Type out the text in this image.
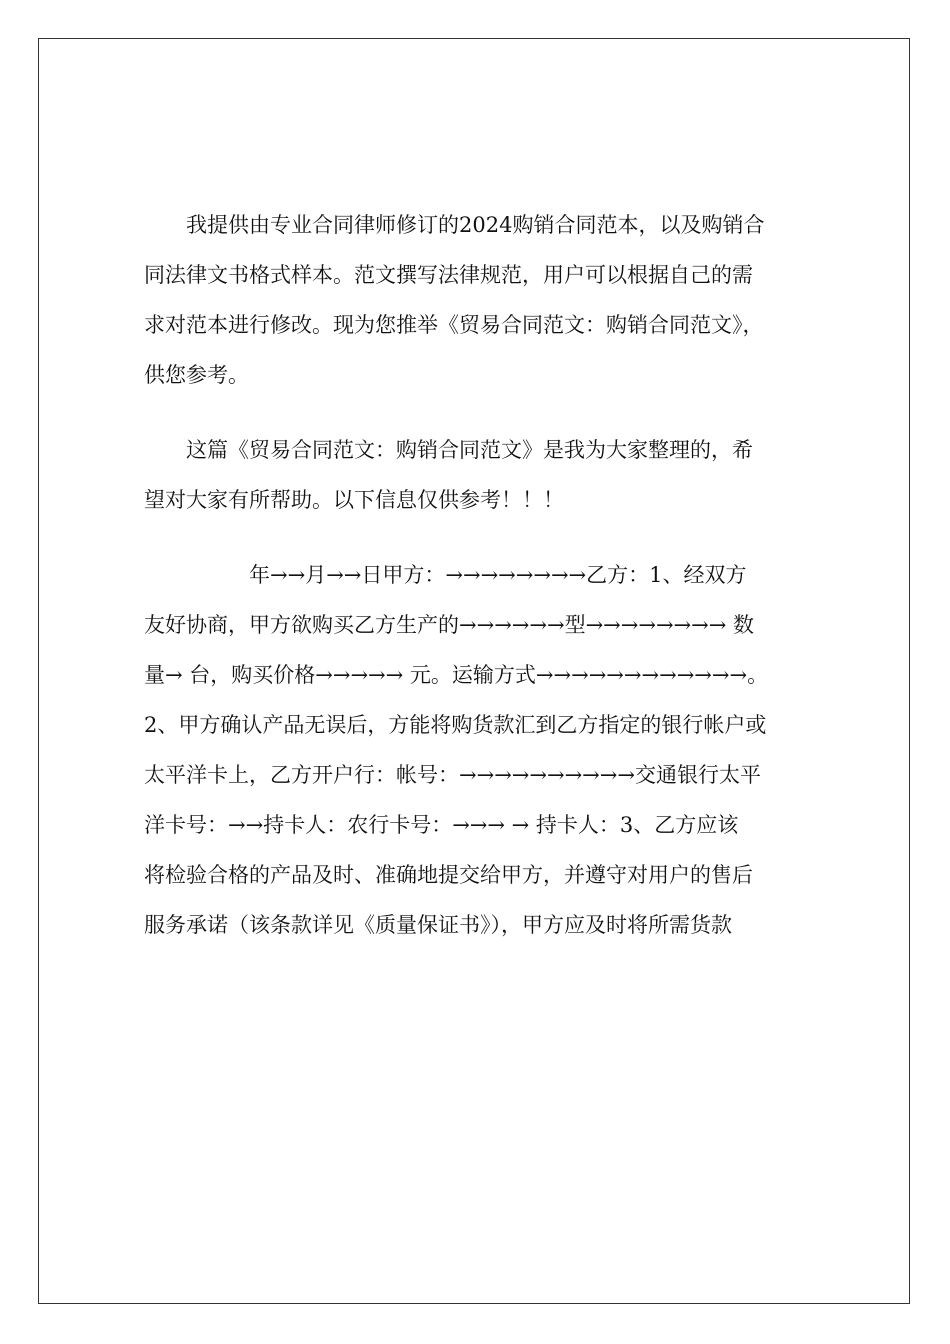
　　我提供由专业合同律师修订的2024购销合同范本，以及购销合
同法律文书格式样本。范文撰写法律规范，用户可以根据自己的需
求对范本进行修改。现为您推举《贸易合同范文：购销合同范文》，
供您参考。
　　这篇《贸易合同范文：购销合同范文》是我为大家整理的，希
望对大家有所帮助。以下信息仅供参考！！！
　　　　　年→→月→→日甲方：→→→→→→→→乙方：1、经双方
友好协商，甲方欲购买乙方生产的→→→→→→型→→→→→→→→ 数
量→ 台，购买价格→→→→→ 元。运输方式→→→→→→→→→→→→。
2、甲方确认产品无误后，方能将购货款汇到乙方指定的银行帐户或
太平洋卡上，乙方开户行：帐号：→→→→→→→→→→交通银行太平
洋卡号：→→持卡人：农行卡号：→→→ → 持卡人：3、乙方应该
将检验合格的产品及时、准确地提交给甲方，并遵守对用户的售后
服务承诺（该条款详见《质量保证书》），甲方应及时将所需货款
